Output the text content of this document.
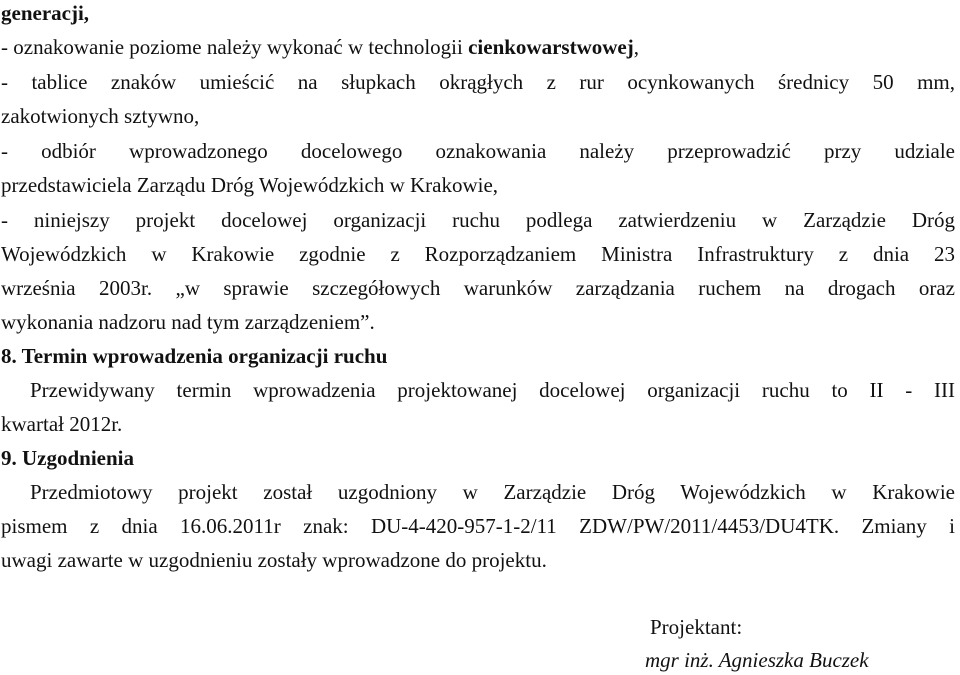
generacji,
- oznakowanie poziome należy wykonać w technologii cienkowarstwowej,
- tablice znaków umieścić na słupkach okrągłych z rur ocynkowanych średnicy 50 mm,
zakotwionych sztywno,
- odbiór wprowadzonego docelowego oznakowania należy przeprowadzić przy udziale
przedstawiciela Zarządu Dróg Wojewódzkich w Krakowie,
- niniejszy projekt docelowej organizacji ruchu podlega zatwierdzeniu w Zarządzie Dróg
Wojewódzkich w Krakowie zgodnie z Rozporządzaniem Ministra Infrastruktury z dnia 23
września 2003r. „w sprawie szczegółowych warunków zarządzania ruchem na drogach oraz
wykonania nadzoru nad tym zarządzeniem”.
8. Termin wprowadzenia organizacji ruchu
Przewidywany termin wprowadzenia projektowanej docelowej organizacji ruchu to II - III
kwartał 2012r.
9. Uzgodnienia
Przedmiotowy projekt został uzgodniony w Zarządzie Dróg Wojewódzkich w Krakowie
pismem z dnia 16.06.2011r znak: DU-4-420-957-1-2/11 ZDW/PW/2011/4453/DU4TK. Zmiany i
uwagi zawarte w uzgodnieniu zostały wprowadzone do projektu.
Projektant:
mgr inż. Agnieszka Buczek
